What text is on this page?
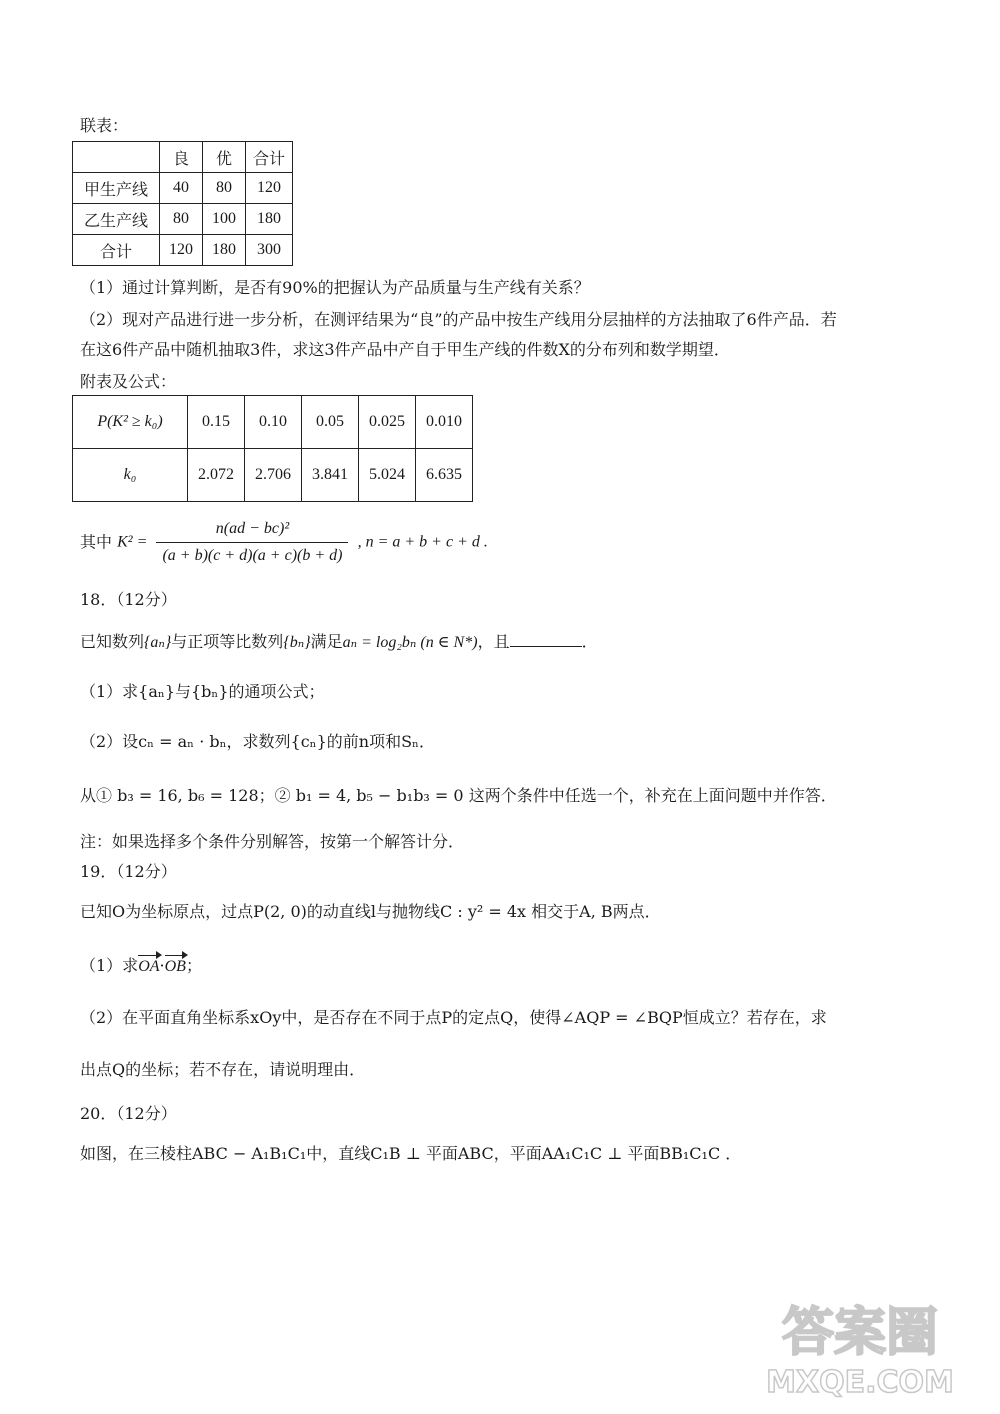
联表：
	良	优	合计
甲生产线	40	80	120
乙生产线	80	100	180
合计	120	180	300
（1）通过计算判断，是否有90%的把握认为产品质量与生产线有关系？
（2）现对产品进行进一步分析，在测评结果为“良”的产品中按生产线用分层抽样的方法抽取了6件产品．若
在这6件产品中随机抽取3件，求这3件产品中产自于甲生产线的件数X的分布列和数学期望．
附表及公式：
P(K² ≥ k₀)	0.15	0.10	0.05	0.025	0.010
k₀	2.072	2.706	3.841	5.024	6.635
其中 $K^2 = \frac{\text{n(ad − bc)²}}{(a + b)(c + d)(a + c)(b + d)}$ , n = a + b + c + d .
18．（12分）
已知数列{aₙ}与正项等比数列{bₙ}满足aₙ = log₂bₙ (n ∈ N*)，且	．
（1）求{aₙ}与{bₙ}的通项公式；
（2）设cₙ = aₙ · bₙ，求数列{cₙ}的前n项和Sₙ．
从① b₃ = 16, b₆ = 128；② b₁ = 4, b₅ − b₁b₃ = 0 这两个条件中任选一个，补充在上面问题中并作答．
注：如果选择多个条件分别解答，按第一个解答计分．
19．（12分）
已知O为坐标原点，过点P(2, 0)的动直线l与抛物线C : y² = 4x 相交于A, B两点．
（1）求OA·OB；
（2）在平面直角坐标系xOy中，是否存在不同于点P的定点Q，使得∠AQP = ∠BQP恒成立？若存在，求
出点Q的坐标；若不存在，请说明理由．
20．（12分）
如图，在三棱柱ABC − A₁B₁C₁中，直线C₁B ⊥ 平面ABC，平面AA₁C₁C ⊥ 平面BB₁C₁C ．
答案圈
MXQE.COM
